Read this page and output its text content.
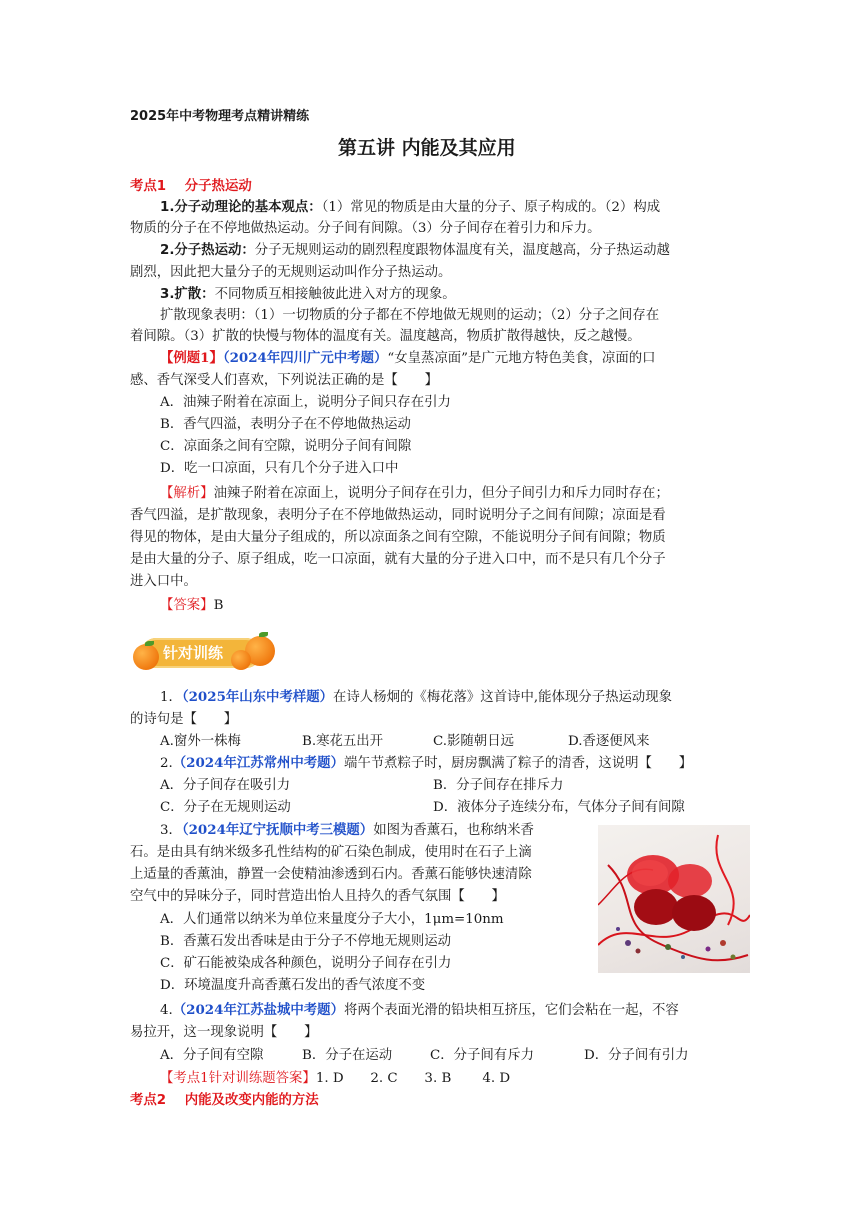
2025年中考物理考点精讲精练
第五讲 内能及其应用
考点1 分子热运动
1.分子动理论的基本观点：（1）常见的物质是由大量的分子、原子构成的。（2）构成
物质的分子在不停地做热运动。分子间有间隙。（3）分子间存在着引力和斥力。
2.分子热运动：分子无规则运动的剧烈程度跟物体温度有关，温度越高，分子热运动越
剧烈，因此把大量分子的无规则运动叫作分子热运动。
3.扩散：不同物质互相接触彼此进入对方的现象。
扩散现象表明：（1）一切物质的分子都在不停地做无规则的运动；（2）分子之间存在
着间隙。（3）扩散的快慢与物体的温度有关。温度越高，物质扩散得越快，反之越慢。
【例题1】（2024年四川广元中考题）“女皇蒸凉面”是广元地方特色美食，凉面的口
感、香气深受人们喜欢，下列说法正确的是【　　】
A．油辣子附着在凉面上，说明分子间只存在引力
B．香气四溢，表明分子在不停地做热运动
C．凉面条之间有空隙，说明分子间有间隙
D．吃一口凉面，只有几个分子进入口中
【解析】油辣子附着在凉面上，说明分子间存在引力，但分子间引力和斥力同时存在；
香气四溢，是扩散现象，表明分子在不停地做热运动，同时说明分子之间有间隙；凉面是看
得见的物体，是由大量分子组成的，所以凉面条之间有空隙，不能说明分子间有间隙；物质
是由大量的分子、原子组成，吃一口凉面，就有大量的分子进入口中，而不是只有几个分子
进入口中。
【答案】B
针对训练
1．（2025年山东中考样题）在诗人杨炯的《梅花落》这首诗中,能体现分子热运动现象
的诗句是【　　】
A.窗外一株梅	B.寒花五出开	C.影随朝日远	D.香逐便风来
2.（2024年江苏常州中考题）端午节煮粽子时，厨房飘满了粽子的清香，这说明【　　】
A．分子间存在吸引力	B．分子间存在排斥力
C．分子在无规则运动	D．液体分子连续分布，气体分子间有间隙
3．（2024年辽宁抚顺中考三模题）如图为香薰石，也称纳米香
石。是由具有纳米级多孔性结构的矿石染色制成，使用时在石子上滴
上适量的香薰油，静置一会使精油渗透到石内。香薰石能够快速清除
空气中的异味分子，同时营造出怡人且持久的香气氛围【　　】
A．人们通常以纳米为单位来量度分子大小，1μm=10nm
B．香薰石发出香味是由于分子不停地无规则运动
C．矿石能被染成各种颜色，说明分子间存在引力
D．环境温度升高香薰石发出的香气浓度不变
4.（2024年江苏盐城中考题）将两个表面光滑的铅块相互挤压，它们会粘在一起，不容
易拉开，这一现象说明【　　】
A．分子间有空隙	B．分子在运动	C．分子间有斥力	D．分子间有引力
【考点1针对训练题答案】1. D　　2. C　　3. B　　 4. D
考点2 内能及改变内能的方法
